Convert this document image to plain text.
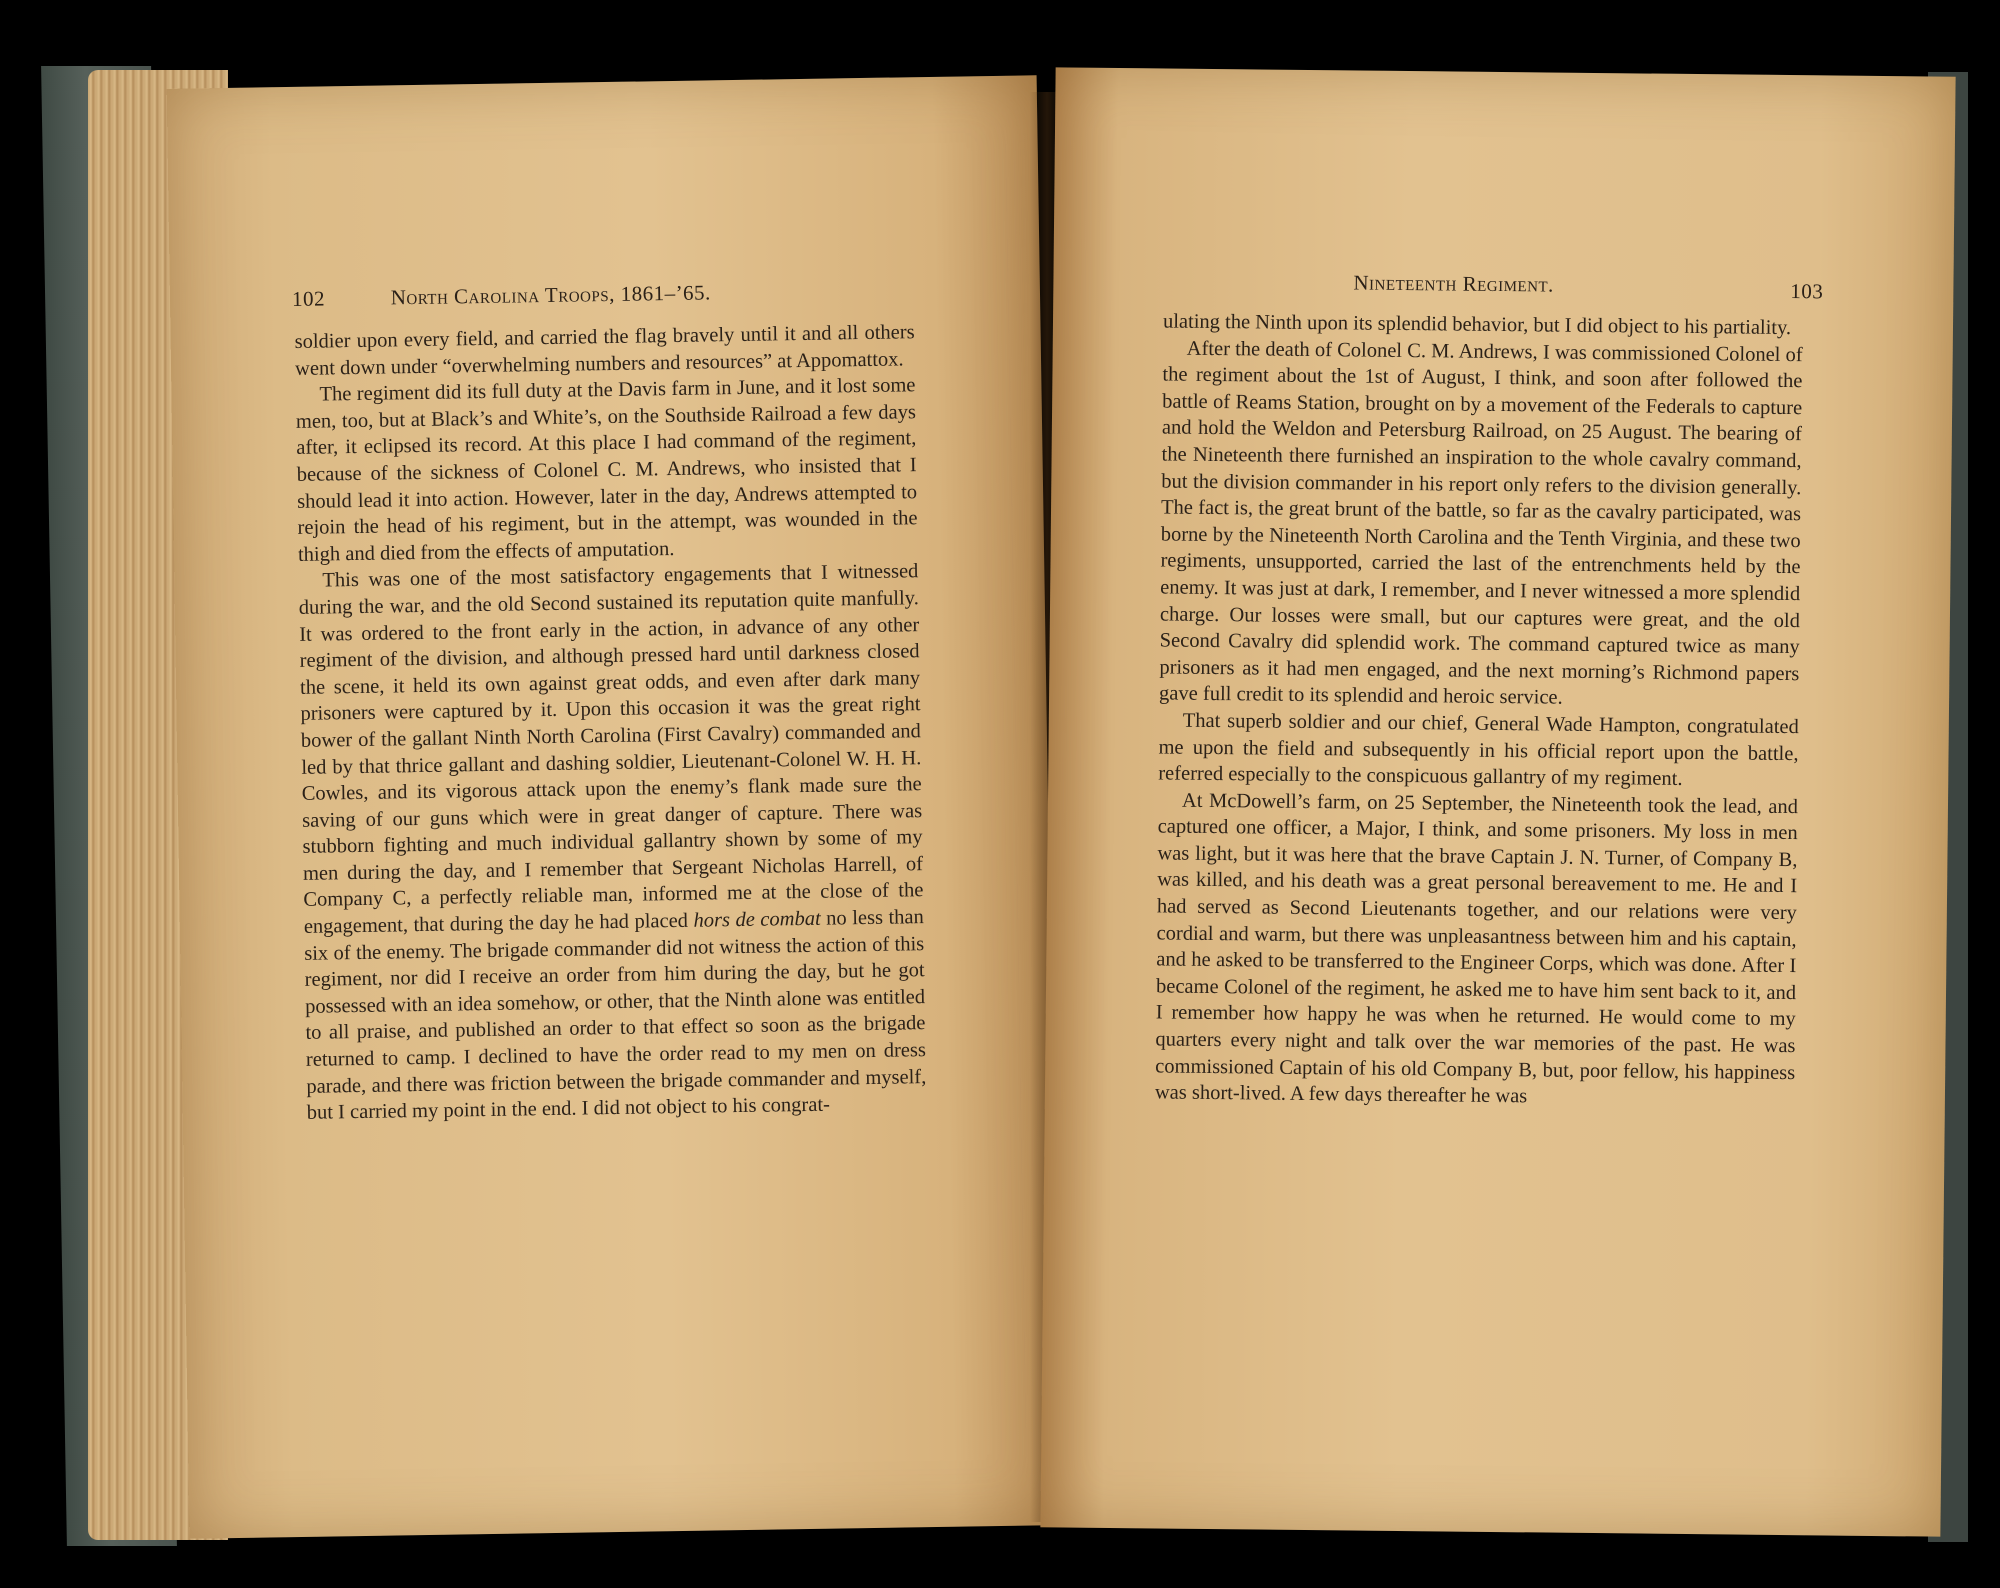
102	North Carolina Troops, 1861–’65.

soldier upon every field, and carried the flag bravely until it and all others went down under “overwhelming numbers and resources” at Appomattox.

The regiment did its full duty at the Davis farm in June, and it lost some men, too, but at Black’s and White’s, on the Southside Railroad a few days after, it eclipsed its record. At this place I had command of the regiment, because of the sickness of Colonel C. M. Andrews, who insisted that I should lead it into action. However, later in the day, Andrews attempted to rejoin the head of his regiment, but in the attempt, was wounded in the thigh and died from the effects of amputation.

This was one of the most satisfactory engagements that I witnessed during the war, and the old Second sustained its reputation quite manfully. It was ordered to the front early in the action, in advance of any other regiment of the division, and although pressed hard until darkness closed the scene, it held its own against great odds, and even after dark many prisoners were captured by it. Upon this occasion it was the great right bower of the gallant Ninth North Carolina (First Cavalry) commanded and led by that thrice gallant and dashing soldier, Lieutenant-Colonel W. H. H. Cowles, and its vigorous attack upon the enemy’s flank made sure the saving of our guns which were in great danger of capture. There was stubborn fighting and much individual gallantry shown by some of my men during the day, and I remember that Sergeant Nicholas Harrell, of Company C, a perfectly reliable man, informed me at the close of the engagement, that during the day he had placed hors de combat no less than six of the enemy. The brigade commander did not witness the action of this regiment, nor did I receive an order from him during the day, but he got possessed with an idea somehow, or other, that the Ninth alone was entitled to all praise, and published an order to that effect so soon as the brigade returned to camp. I declined to have the order read to my men on dress parade, and there was friction between the brigade commander and myself, but I carried my point in the end. I did not object to his congrat-

Nineteenth Regiment.	103

ulating the Ninth upon its splendid behavior, but I did object to his partiality.

After the death of Colonel C. M. Andrews, I was commissioned Colonel of the regiment about the 1st of August, I think, and soon after followed the battle of Reams Station, brought on by a movement of the Federals to capture and hold the Weldon and Petersburg Railroad, on 25 August. The bearing of the Nineteenth there furnished an inspiration to the whole cavalry command, but the division commander in his report only refers to the division generally. The fact is, the great brunt of the battle, so far as the cavalry participated, was borne by the Nineteenth North Carolina and the Tenth Virginia, and these two regiments, unsupported, carried the last of the entrenchments held by the enemy. It was just at dark, I remember, and I never witnessed a more splendid charge. Our losses were small, but our captures were great, and the old Second Cavalry did splendid work. The command captured twice as many prisoners as it had men engaged, and the next morning’s Richmond papers gave full credit to its splendid and heroic service.

That superb soldier and our chief, General Wade Hampton, congratulated me upon the field and subsequently in his official report upon the battle, referred especially to the conspicuous gallantry of my regiment.

At McDowell’s farm, on 25 September, the Nineteenth took the lead, and captured one officer, a Major, I think, and some prisoners. My loss in men was light, but it was here that the brave Captain J. N. Turner, of Company B, was killed, and his death was a great personal bereavement to me. He and I had served as Second Lieutenants together, and our relations were very cordial and warm, but there was unpleasantness between him and his captain, and he asked to be transferred to the Engineer Corps, which was done. After I became Colonel of the regiment, he asked me to have him sent back to it, and I remember how happy he was when he returned. He would come to my quarters every night and talk over the war memories of the past. He was commissioned Captain of his old Company B, but, poor fellow, his happiness was short-lived. A few days thereafter he was
